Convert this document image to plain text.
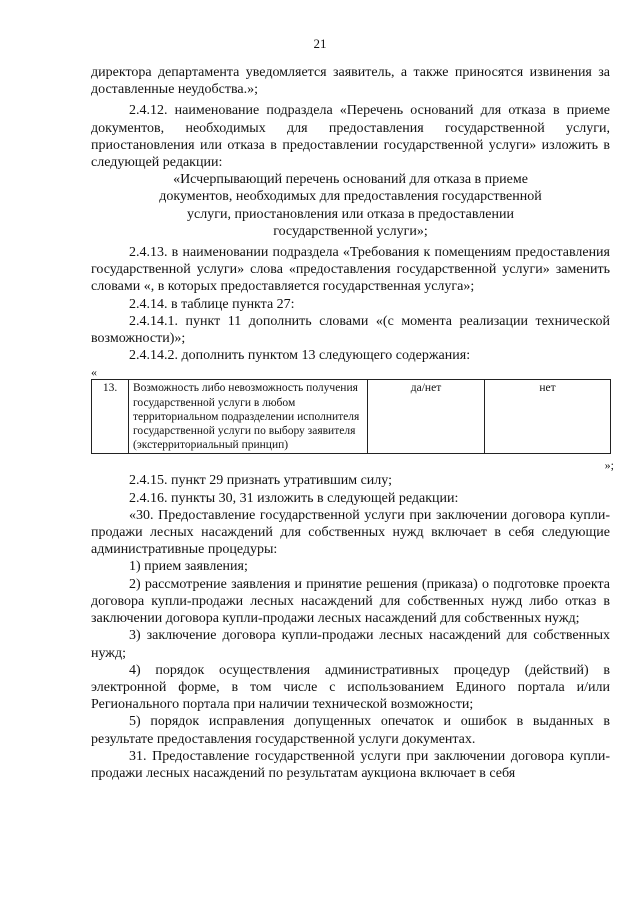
21

директора департамента уведомляется заявитель, а также приносятся извинения за доставленные неудобства.»;

2.4.12. наименование подраздела «Перечень оснований для отказа в приеме документов, необходимых для предоставления государственной услуги, приостановления или отказа в предоставлении государственной услуги» изложить в следующей редакции:

«Исчерпывающий перечень оснований для отказа в приеме

документов, необходимых для предоставления государственной

услуги, приостановления или отказа в предоставлении

государственной услуги»;

2.4.13. в наименовании подраздела «Требования к помещениям предоставления государственной услуги» слова «предоставления государственной услуги» заменить словами «, в которых предоставляется государственная услуга»;

2.4.14. в таблице пункта 27:

2.4.14.1. пункт 11 дополнить словами «(с момента реализации технической возможности)»;

2.4.14.2. дополнить пунктом 13 следующего содержания:

«
13.	Возможность либо невозможность получения государственной услуги в любом территориальном подразделении исполнителя государственной услуги по выбору заявителя (экстерриториальный принцип)	да/нет	нет
»;

2.4.15. пункт 29 признать утратившим силу;

2.4.16. пункты 30, 31 изложить в следующей редакции:

«30. Предоставление государственной услуги при заключении договора купли-продажи лесных насаждений для собственных нужд включает в себя следующие административные процедуры:

1) прием заявления;

2) рассмотрение заявления и принятие решения (приказа) о подготовке проекта договора купли-продажи лесных насаждений для собственных нужд либо отказ в заключении договора купли-продажи лесных насаждений для собственных нужд;

3) заключение договора купли-продажи лесных насаждений для собственных нужд;

4) порядок осуществления административных процедур (действий) в электронной форме, в том числе с использованием Единого портала и/или Регионального портала при наличии технической возможности;

5) порядок исправления допущенных опечаток и ошибок в выданных в результате предоставления государственной услуги документах.

31. Предоставление государственной услуги при заключении договора купли-продажи лесных насаждений по результатам аукциона включает в себя
